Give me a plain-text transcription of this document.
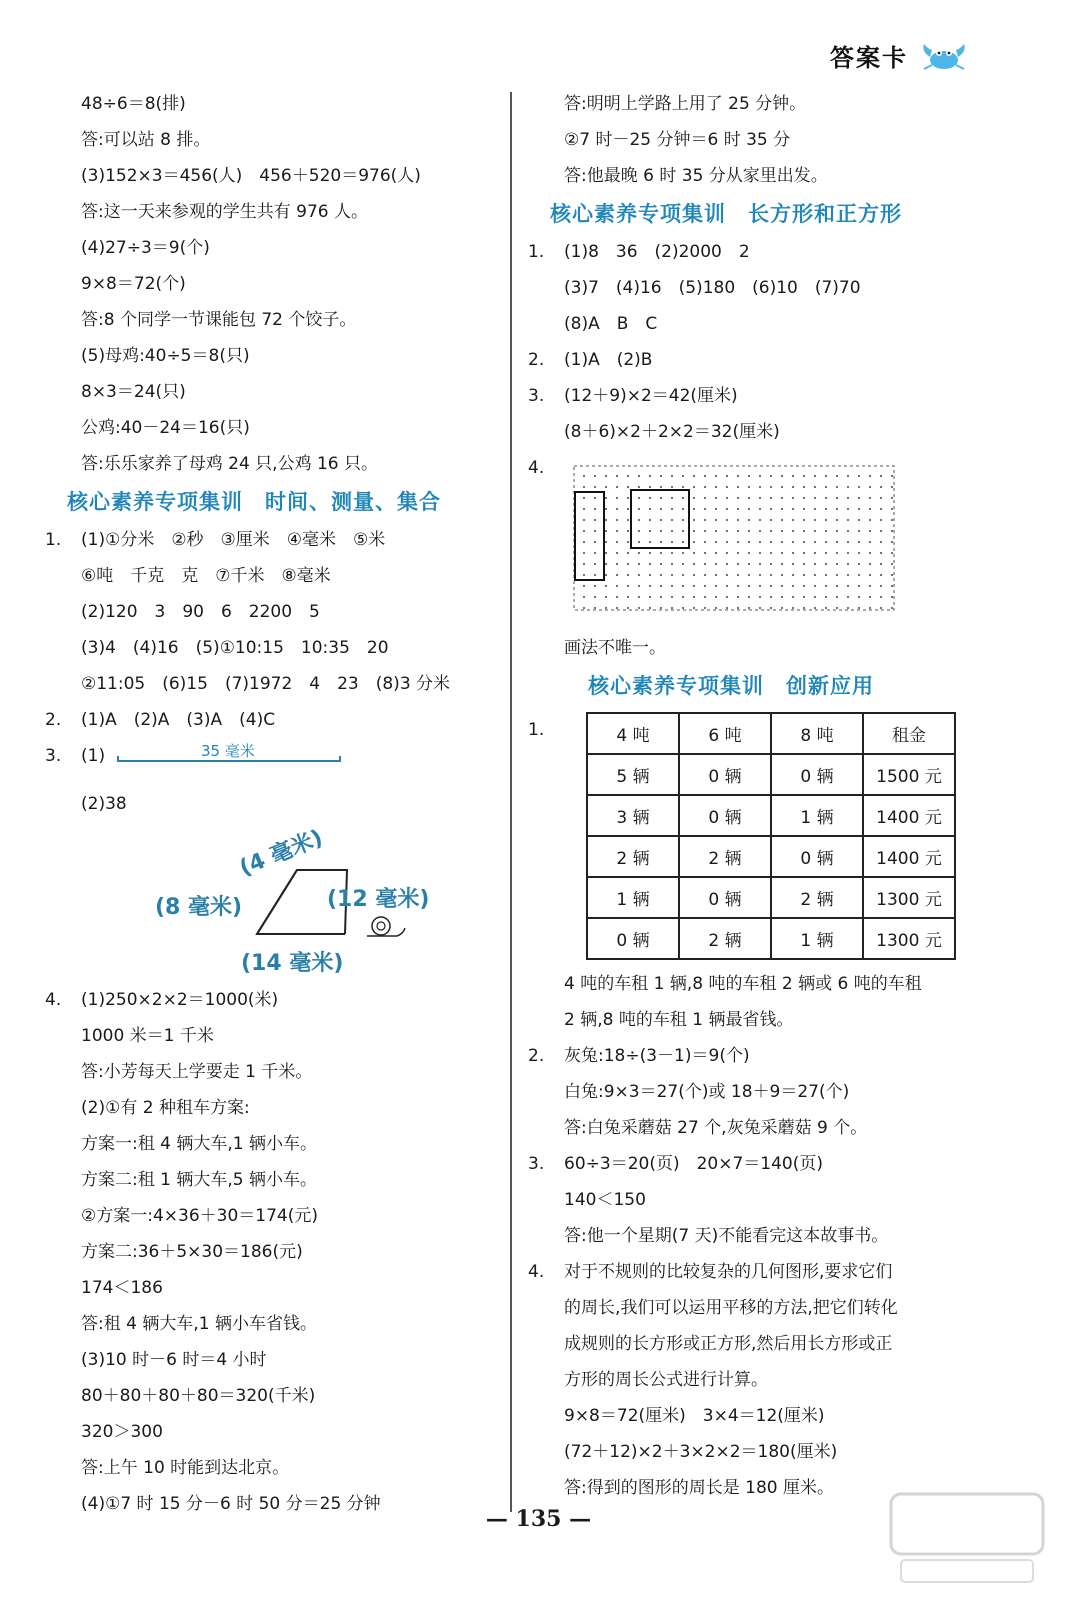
答案卡
48÷6＝8(排)
答:可以站 8 排。
(3)152×3＝456(人)　456＋520＝976(人)
答:这一天来参观的学生共有 976 人。
(4)27÷3＝9(个)
9×8＝72(个)
答:8 个同学一节课能包 72 个饺子。
(5)母鸡:40÷5＝8(只)
8×3＝24(只)
公鸡:40－24＝16(只)
答:乐乐家养了母鸡 24 只,公鸡 16 只。
核心素养专项集训　时间、测量、集合
1. (1)①分米　②秒　③厘米　④毫米　⑤米
⑥吨　千克　克　⑦千米　⑧毫米
(2)120　3　90　6　2200　5
(3)4　(4)16　(5)①10:15　10:35　20
②11:05　(6)15　(7)1972　4　23　(8)3 分米
2. (1)A　(2)A　(3)A　(4)C
3. (1)	35 毫米
(2)38
(4 毫米)
(8 毫米)	(12 毫米)
(14 毫米)
4. (1)250×2×2＝1000(米)
1000 米＝1 千米
答:小芳每天上学要走 1 千米。
(2)①有 2 种租车方案:
方案一:租 4 辆大车,1 辆小车。
方案二:租 1 辆大车,5 辆小车。
②方案一:4×36＋30＝174(元)
方案二:36＋5×30＝186(元)
174＜186
答:租 4 辆大车,1 辆小车省钱。
(3)10 时－6 时＝4 小时
80＋80＋80＋80＝320(千米)
320＞300
答:上午 10 时能到达北京。
(4)①7 时 15 分－6 时 50 分＝25 分钟
答:明明上学路上用了 25 分钟。
②7 时－25 分钟＝6 时 35 分
答:他最晚 6 时 35 分从家里出发。
核心素养专项集训　长方形和正方形
1. (1)8　36　(2)2000　2
(3)7　(4)16　(5)180　(6)10　(7)70
(8)A　B　C
2. (1)A　(2)B
3. (12＋9)×2＝42(厘米)
(8＋6)×2＋2×2＝32(厘米)
4.
画法不唯一。
核心素养专项集训　创新应用
1.	4 吨	6 吨	8 吨	租金
5 辆	0 辆	0 辆	1500 元
3 辆	0 辆	1 辆	1400 元
2 辆	2 辆	0 辆	1400 元
1 辆	0 辆	2 辆	1300 元
0 辆	2 辆	1 辆	1300 元
4 吨的车租 1 辆,8 吨的车租 2 辆或 6 吨的车租
2 辆,8 吨的车租 1 辆最省钱。
2. 灰兔:18÷(3－1)＝9(个)
白兔:9×3＝27(个)或 18＋9＝27(个)
答:白兔采蘑菇 27 个,灰兔采蘑菇 9 个。
3. 60÷3＝20(页)　20×7＝140(页)
140＜150
答:他一个星期(7 天)不能看完这本故事书。
4. 对于不规则的比较复杂的几何图形,要求它们
的周长,我们可以运用平移的方法,把它们转化
成规则的长方形或正方形,然后用长方形或正
方形的周长公式进行计算。
9×8＝72(厘米)　3×4＝12(厘米)
(72＋12)×2＋3×2×2＝180(厘米)
答:得到的图形的周长是 180 厘米。
— 135 —
